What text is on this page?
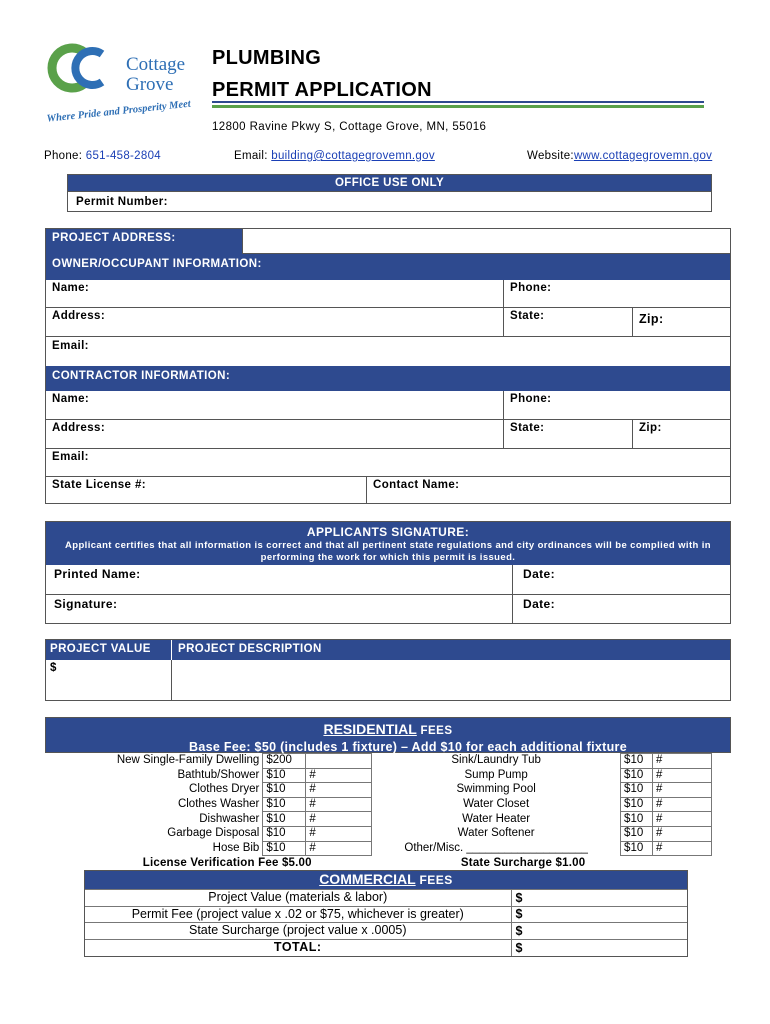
Cottage
Grove
Where Pride and Prosperity Meet
PLUMBING
PERMIT APPLICATION
12800 Ravine Pkwy S, Cottage Grove, MN, 55016
Phone: 651-458-2804	Email: building@cottagegrovemn.gov	Website:www.cottagegrovemn.gov
OFFICE USE ONLY
Permit Number:
PROJECT ADDRESS:
OWNER/OCCUPANT INFORMATION:
Name:	Phone:
Address:	State:	Zip:
Email:
CONTRACTOR INFORMATION:
Name:	Phone:
Address:	State:	Zip:
Email:
State License #:	Contact Name:
APPLICANTS SIGNATURE:
Applicant certifies that all information is correct and that all pertinent state regulations and city ordinances will be complied with in performing the work for which this permit is issued.
Printed Name:	Date:
Signature:	Date:
PROJECT VALUE	PROJECT DESCRIPTION
$
RESIDENTIAL FEES
Base Fee: $50 (includes 1 fixture) – Add $10 for each additional fixture
New Single-Family Dwelling	$200		Sink/Laundry Tub	$10	#
Bathtub/Shower	$10	#	Sump Pump	$10	#
Clothes Dryer	$10	#	Swimming Pool	$10	#
Clothes Washer	$10	#	Water Closet	$10	#
Dishwasher	$10	#	Water Heater	$10	#
Garbage Disposal	$10	#	Water Softener	$10	#
Hose Bib	$10	#	Other/Misc. ___________________	$10	#
License Verification Fee $5.00			State Surcharge $1.00		
COMMERCIAL FEES
Project Value (materials & labor)	$
Permit Fee (project value x .02 or $75, whichever is greater)	$
State Surcharge (project value x .0005)	$
TOTAL:	$
